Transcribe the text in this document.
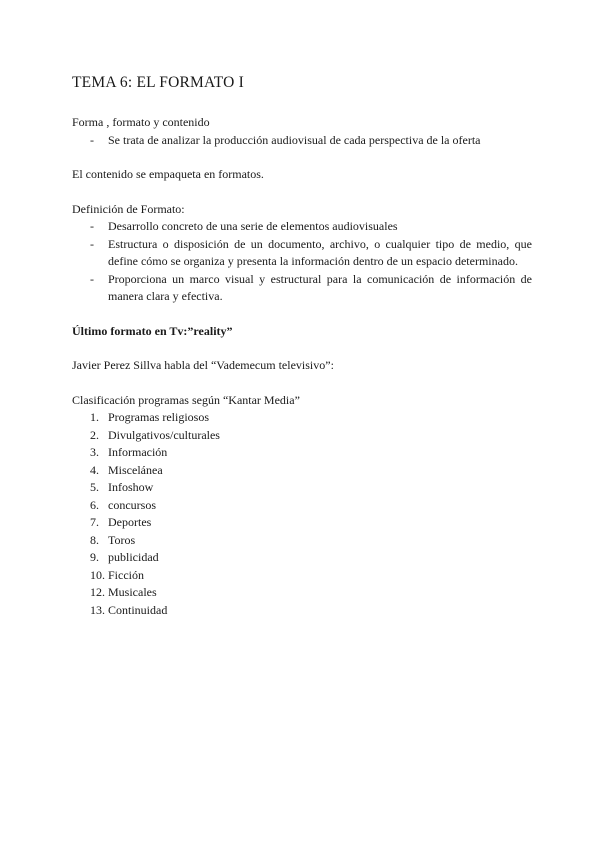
TEMA 6: EL FORMATO I

Forma , formato y contenido

- Se trata de analizar la producción audiovisual de cada perspectiva de la oferta

El contenido se empaqueta en formatos.

Definición de Formato:

- Desarrollo concreto de una serie de elementos audiovisuales
- Estructura o disposición de un documento, archivo, o cualquier tipo de medio, que define cómo se organiza y presenta la información dentro de un espacio determinado.
- Proporciona un marco visual y estructural para la comunicación de información de manera clara y efectiva.

Último formato en Tv:”reality”

Javier Perez Sillva habla del “Vademecum televisivo”:

Clasificación programas según “Kantar Media”

1. Programas religiosos
2. Divulgativos/culturales
3. Información
4. Miscelánea
5. Infoshow
6. concursos
7. Deportes
8. Toros
9. publicidad
10. Ficción
12. Musicales
13. Continuidad
